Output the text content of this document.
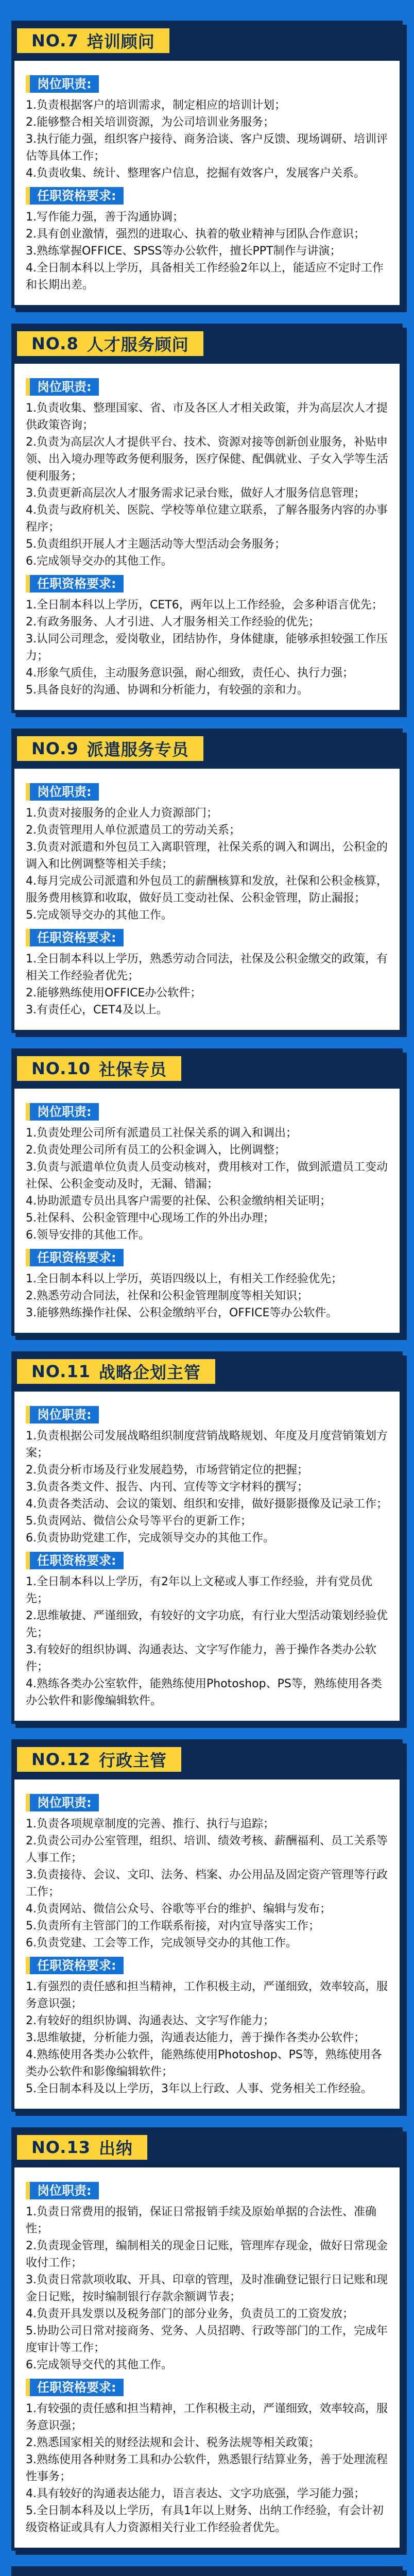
NO.7 培训顾问
岗位职责:
1.负责根据客户的培训需求，制定相应的培训计划；
2.能够整合相关培训资源，为公司培训业务服务；
3.执行能力强，组织客户接待、商务洽谈、客户反馈、现场调研、培训评估等具体工作；
4.负责收集、统计、整理客户信息，挖掘有效客户，发展客户关系。
任职资格要求:
1.写作能力强，善于沟通协调；
2.具有创业激情，强烈的进取心、执着的敬业精神与团队合作意识；
3.熟练掌握OFFICE、SPSS等办公软件，擅长PPT制作与讲演；
4.全日制本科以上学历，具备相关工作经验2年以上，能适应不定时工作和长期出差。
NO.8 人才服务顾问
岗位职责:
1.负责收集、整理国家、省、市及各区人才相关政策，并为高层次人才提供政策咨询；
2.负责为高层次人才提供平台、技术、资源对接等创新创业服务，补贴申领、出入境办理等政务便利服务，医疗保健、配偶就业、子女入学等生活便利服务；
3.负责更新高层次人才服务需求记录台账，做好人才服务信息管理；
4.负责与政府机关、医院、学校等单位建立联系，了解各服务内容的办事程序；
5.负责组织开展人才主题活动等大型活动会务服务；
6.完成领导交办的其他工作。
任职资格要求:
1.全日制本科以上学历，CET6，两年以上工作经验，会多种语言优先；
2.有政务服务、人才引进、人才服务相关工作经验的优先；
3.认同公司理念，爱岗敬业，团结协作，身体健康，能够承担较强工作压力；
4.形象气质佳，主动服务意识强，耐心细致，责任心、执行力强；
5.具备良好的沟通、协调和分析能力，有较强的亲和力。
NO.9 派遣服务专员
岗位职责:
1.负责对接服务的企业人力资源部门；
2.负责管理用人单位派遣员工的劳动关系；
3.负责对派遣和外包员工入离职管理，社保关系的调入和调出，公积金的调入和比例调整等相关手续；
4.每月完成公司派遣和外包员工的薪酬核算和发放，社保和公积金核算，服务费用核算和收取，做好员工变动社保、公积金管理，防止漏报；
5.完成领导交办的其他工作。
任职资格要求:
1.全日制本科以上学历，熟悉劳动合同法，社保及公积金缴交的政策，有相关工作经验者优先；
2.能够熟练使用OFFICE办公软件；
3.有责任心，CET4及以上。
NO.10 社保专员
岗位职责:
1.负责处理公司所有派遣员工社保关系的调入和调出；
2.负责处理公司所有员工的公积金调入，比例调整；
3.负责与派遣单位负责人员变动核对，费用核对工作，做到派遣员工变动社保、公积金变动及时，无漏、错漏；
4.协助派遣专员出具客户需要的社保、公积金缴纳相关证明；
5.社保科、公积金管理中心现场工作的外出办理；
6.领导安排的其他工作。
任职资格要求:
1.全日制本科以上学历，英语四级以上，有相关工作经验优先；
2.熟悉劳动合同法，社保和公积金管理制度等相关知识；
3.能够熟练操作社保、公积金缴纳平台，OFFICE等办公软件。
NO.11 战略企划主管
岗位职责:
1.负责根据公司发展战略组织制度营销战略规划、年度及月度营销策划方案；
2.负责分析市场及行业发展趋势，市场营销定位的把握；
3.负责各类文件、报告、内刊、宣传等文字材料的撰写；
4.负责各类活动、会议的策划、组织和安排，做好摄影摄像及记录工作；
5.负责网站、微信公众号等平台的更新工作；
6.负责协助党建工作，完成领导交办的其他工作。
任职资格要求:
1.全日制本科以上学历，有2年以上文秘或人事工作经验，并有党员优先；
2.思维敏捷、严谨细致，有较好的文字功底，有行业大型活动策划经验优先；
3.有较好的组织协调、沟通表达、文字写作能力，善于操作各类办公软件；
4.熟练各类办公室软件，能熟练使用Photoshop、PS等，熟练使用各类办公软件和影像编辑软件。
NO.12 行政主管
岗位职责:
1.负责各项规章制度的完善、推行、执行与追踪；
2.负责公司办公室管理，组织、培训、绩效考核、薪酬福利、员工关系等人事工作；
3.负责接待、会议、文印、法务、档案、办公用品及固定资产管理等行政工作；
4.负责网站、微信公众号、谷歌等平台的维护、编辑与发布；
5.负责所有主管部门的工作联系衔接，对内宣导落实工作；
6.负责党建、工会等工作，完成领导交办的其他工作。
任职资格要求:
1.有强烈的责任感和担当精神，工作积极主动，严谨细致，效率较高，服务意识强；
2.有较好的组织协调、沟通表达、文字写作能力；
3.思维敏捷，分析能力强，沟通表达能力，善于操作各类办公软件；
4.熟练使用各类办公软件，能熟练使用Photoshop、PS等，熟练使用各类办公软件和影像编辑软件；
5.全日制本科及以上学历，3年以上行政、人事、党务相关工作经验。
NO.13 出纳
岗位职责:
1.负责日常费用的报销，保证日常报销手续及原始单据的合法性、准确性；
2.负责现金管理，编制相关的现金日记账，管理库存现金，做好日常现金收付工作；
3.负责日常款项收取、开具、印章的管理，及时准确登记银行日记账和现金日记账，按时编制银行存款余额调节表；
4.负责开具发票以及税务部门的部分业务，负责员工的工资发放；
5.协助公司日常对接商务、党务、人员招聘、行政等部门的工作，完成年度审计等工作；
6.完成领导交代的其他工作。
任职资格要求:
1.有较强的责任感和担当精神，工作积极主动，严谨细致，效率较高，服务意识强；
2.熟悉国家相关的财经法规和会计、税务法规等相关政策；
3.熟练使用各种财务工具和办公软件，熟悉银行结算业务，善于处理流程性事务；
4.具有较好的沟通表达能力，语言表达、文字功底强，学习能力强；
5.全日制本科及以上学历，有具1年以上财务、出纳工作经验，有会计初级资格证或具有人力资源相关行业工作经验者优先。
